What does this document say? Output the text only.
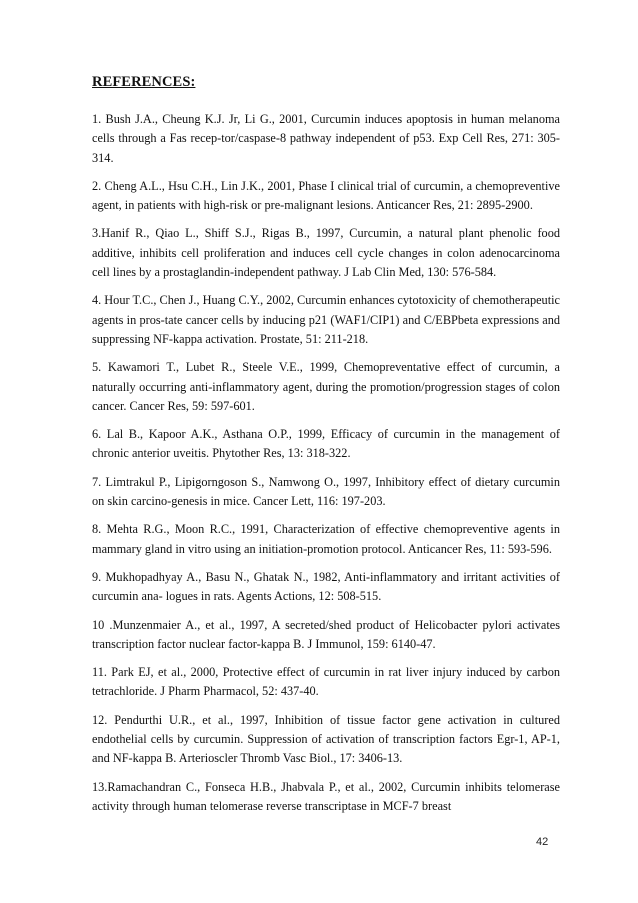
REFERENCES:
1. Bush J.A., Cheung K.J. Jr, Li G., 2001, Curcumin induces apoptosis in human melanoma cells through a Fas recep-tor/caspase-8 pathway independent of p53. Exp Cell Res, 271: 305-314.
2. Cheng A.L., Hsu C.H., Lin J.K., 2001, Phase I clinical trial of curcumin, a chemopreventive agent, in patients with high-risk or pre-malignant lesions. Anticancer Res, 21: 2895-2900.
3.Hanif R., Qiao L., Shiff S.J., Rigas B., 1997, Curcumin, a natural plant phenolic food additive, inhibits cell proliferation and induces cell cycle changes in colon adenocarcinoma cell lines by a prostaglandin-independent pathway. J Lab Clin Med, 130: 576-584.
4. Hour T.C., Chen J., Huang C.Y., 2002, Curcumin enhances cytotoxicity of chemotherapeutic agents in pros-tate cancer cells by inducing p21 (WAF1/CIP1) and C/EBPbeta expressions and suppressing NF-kappa activation. Prostate, 51: 211-218.
5. Kawamori T., Lubet R., Steele V.E., 1999, Chemopreventative effect of curcumin, a naturally occurring anti-inflammatory agent, during the promotion/progression stages of colon cancer. Cancer Res, 59: 597-601.
6. Lal B., Kapoor A.K., Asthana O.P., 1999, Efficacy of curcumin in the management of chronic anterior uveitis. Phytother Res, 13: 318-322.
7. Limtrakul P., Lipigorngoson S., Namwong O., 1997, Inhibitory effect of dietary curcumin on skin carcino-genesis in mice. Cancer Lett, 116: 197-203.
8. Mehta R.G., Moon R.C., 1991, Characterization of effective chemopreventive agents in mammary gland in vitro using an initiation-promotion protocol. Anticancer Res, 11: 593-596.
9. Mukhopadhyay A., Basu N., Ghatak N., 1982, Anti-inflammatory and irritant activities of curcumin ana- logues in rats. Agents Actions, 12: 508-515.
10 .Munzenmaier A., et al., 1997, A secreted/shed product of Helicobacter pylori activates transcription factor nuclear factor-kappa B. J Immunol, 159: 6140-47.
11. Park EJ, et al., 2000, Protective effect of curcumin in rat liver injury induced by carbon tetrachloride. J Pharm Pharmacol, 52: 437-40.
12. Pendurthi U.R., et al., 1997, Inhibition of tissue factor gene activation in cultured endothelial cells by curcumin. Suppression of activation of transcription factors Egr-1, AP-1, and NF-kappa B. Arterioscler Thromb Vasc Biol., 17: 3406-13.
13.Ramachandran C., Fonseca H.B., Jhabvala P., et al., 2002, Curcumin inhibits telomerase activity through human telomerase reverse transcriptase in MCF-7 breast
42
